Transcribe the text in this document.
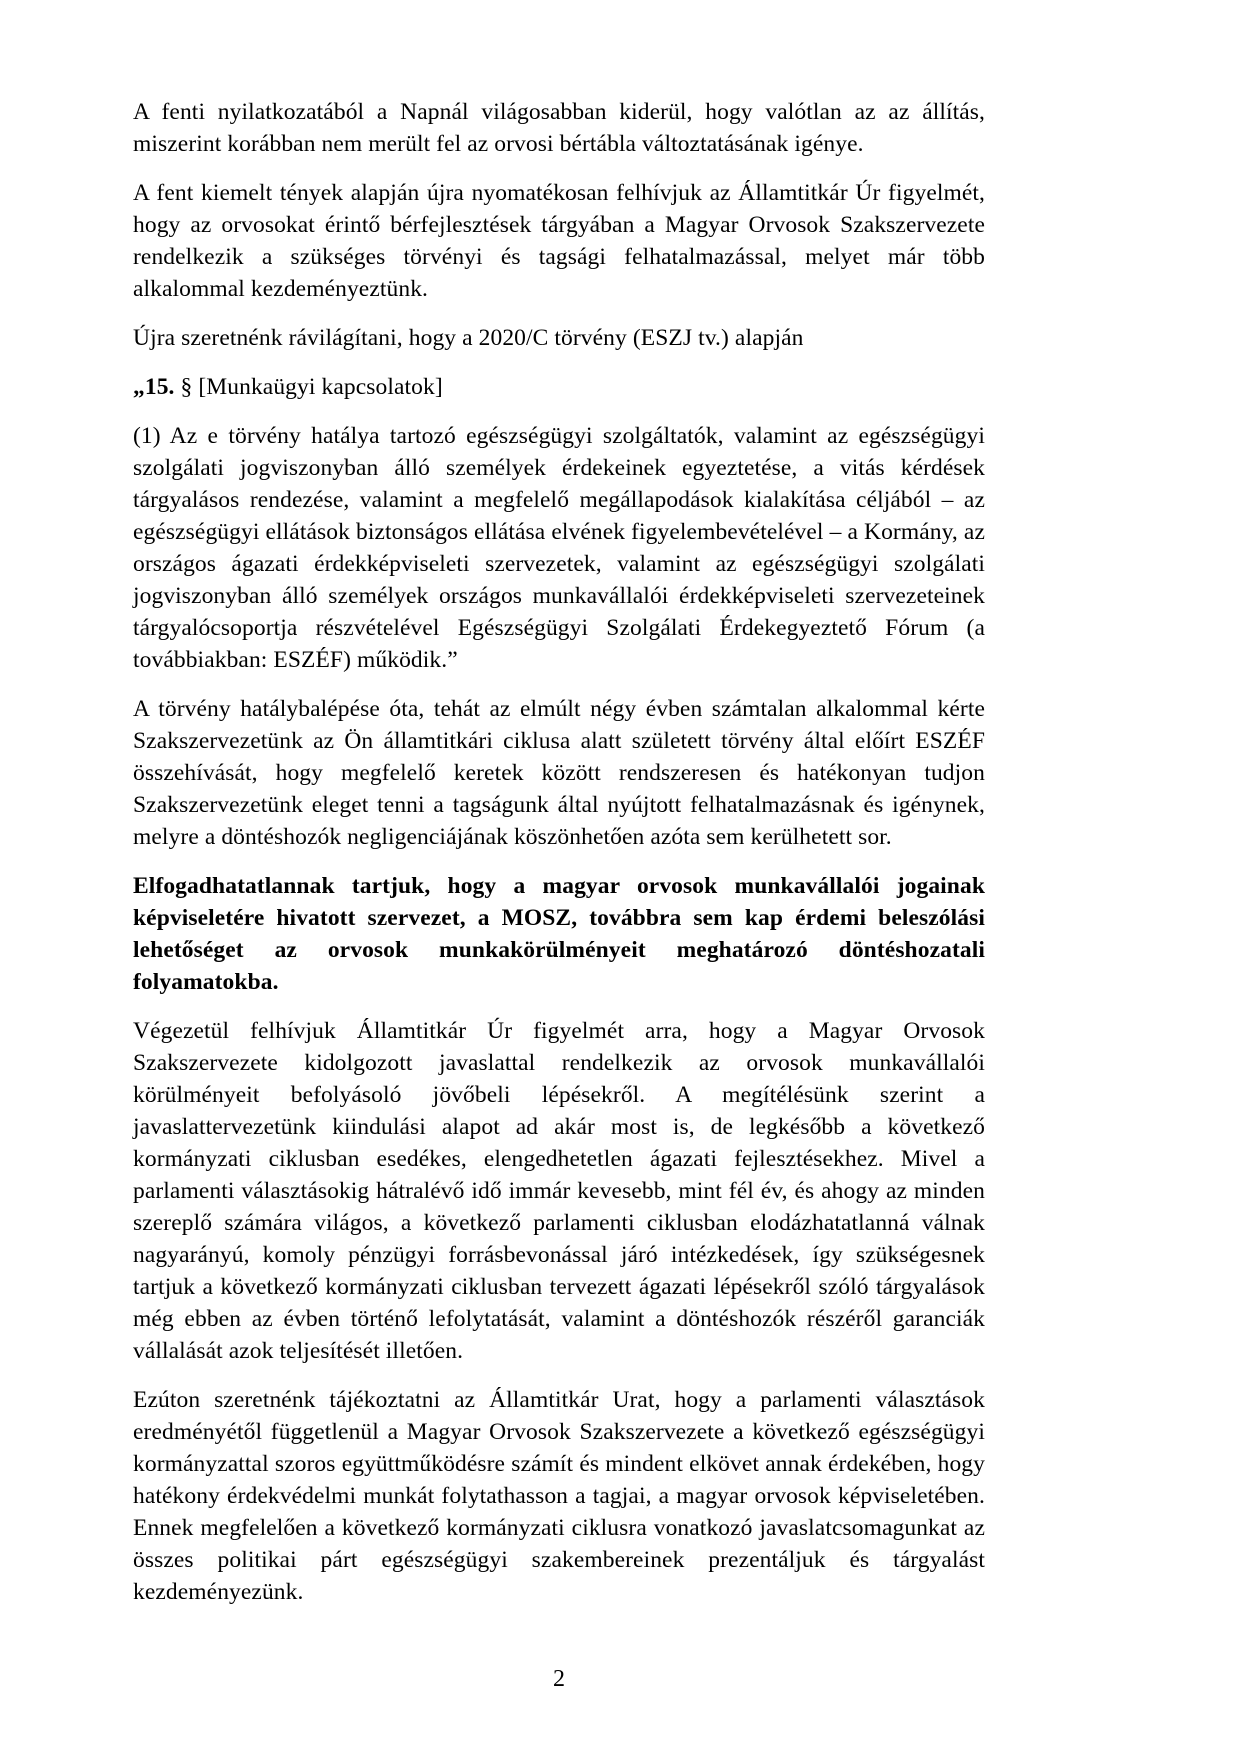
A fenti nyilatkozatából a Napnál világosabban kiderül, hogy valótlan az az állítás, miszerint korábban nem merült fel az orvosi bértábla változtatásának igénye.

A fent kiemelt tények alapján újra nyomatékosan felhívjuk az Államtitkár Úr figyelmét, hogy az orvosokat érintő bérfejlesztések tárgyában a Magyar Orvosok Szakszervezete rendelkezik a szükséges törvényi és tagsági felhatalmazással, melyet már több alkalommal kezdeményeztünk.

Újra szeretnénk rávilágítani, hogy a 2020/C törvény (ESZJ tv.) alapján

„15. § [Munkaügyi kapcsolatok]

(1) Az e törvény hatálya tartozó egészségügyi szolgáltatók, valamint az egészségügyi szolgálati jogviszonyban álló személyek érdekeinek egyeztetése, a vitás kérdések tárgyalásos rendezése, valamint a megfelelő megállapodások kialakítása céljából – az egészségügyi ellátások biztonságos ellátása elvének figyelembevételével – a Kormány, az országos ágazati érdekképviseleti szervezetek, valamint az egészségügyi szolgálati jogviszonyban álló személyek országos munkavállalói érdekképviseleti szervezeteinek tárgyalócsoportja részvételével Egészségügyi Szolgálati Érdekegyeztető Fórum (a továbbiakban: ESZÉF) működik.”

A törvény hatálybalépése óta, tehát az elmúlt négy évben számtalan alkalommal kérte Szakszervezetünk az Ön államtitkári ciklusa alatt született törvény által előírt ESZÉF összehívását, hogy megfelelő keretek között rendszeresen és hatékonyan tudjon Szakszervezetünk eleget tenni a tagságunk által nyújtott felhatalmazásnak és igénynek, melyre a döntéshozók negligenciájának köszönhetően azóta sem kerülhetett sor.

Elfogadhatatlannak tartjuk, hogy a magyar orvosok munkavállalói jogainak képviseletére hivatott szervezet, a MOSZ, továbbra sem kap érdemi beleszólási lehetőséget az orvosok munkakörülményeit meghatározó döntéshozatali folyamatokba.

Végezetül felhívjuk Államtitkár Úr figyelmét arra, hogy a Magyar Orvosok Szakszervezete kidolgozott javaslattal rendelkezik az orvosok munkavállalói körülményeit befolyásoló jövőbeli lépésekről. A megítélésünk szerint a javaslattervezetünk kiindulási alapot ad akár most is, de legkésőbb a következő kormányzati ciklusban esedékes, elengedhetetlen ágazati fejlesztésekhez. Mivel a parlamenti választásokig hátralévő idő immár kevesebb, mint fél év, és ahogy az minden szereplő számára világos, a következő parlamenti ciklusban elodázhatatlanná válnak nagyarányú, komoly pénzügyi forrásbevonással járó intézkedések, így szükségesnek tartjuk a következő kormányzati ciklusban tervezett ágazati lépésekről szóló tárgyalások még ebben az évben történő lefolytatását, valamint a döntéshozók részéről garanciák vállalását azok teljesítését illetően.

Ezúton szeretnénk tájékoztatni az Államtitkár Urat, hogy a parlamenti választások eredményétől függetlenül a Magyar Orvosok Szakszervezete a következő egészségügyi kormányzattal szoros együttműködésre számít és mindent elkövet annak érdekében, hogy hatékony érdekvédelmi munkát folytathasson a tagjai, a magyar orvosok képviseletében. Ennek megfelelően a következő kormányzati ciklusra vonatkozó javaslatcsomagunkat az összes politikai párt egészségügyi szakembereinek prezentáljuk és tárgyalást kezdeményezünk.

2
